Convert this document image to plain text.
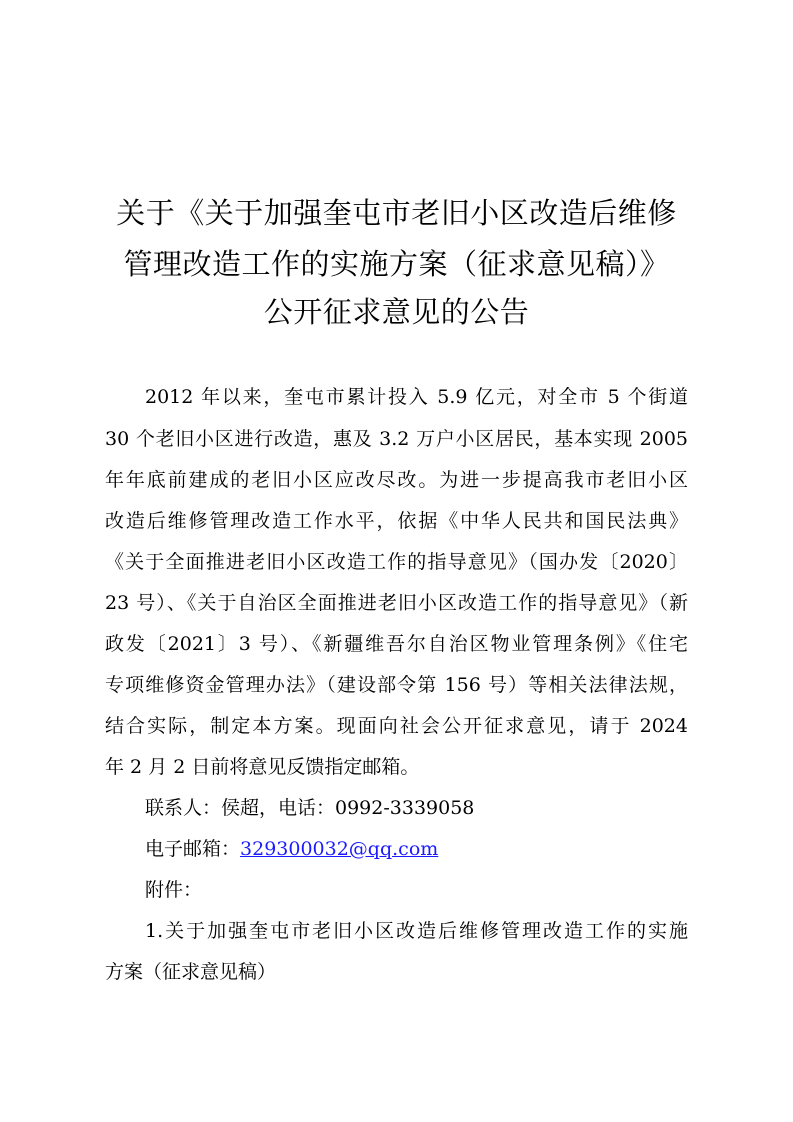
关于《关于加强奎屯市老旧小区改造后维修
管理改造工作的实施方案（征求意见稿）》
公开征求意见的公告
2012 年以来，奎屯市累计投入 5.9 亿元，对全市 5 个街道
30 个老旧小区进行改造，惠及 3.2 万户小区居民，基本实现 2005
年年底前建成的老旧小区应改尽改。为进一步提高我市老旧小区
改造后维修管理改造工作水平，依据《中华人民共和国民法典》
《关于全面推进老旧小区改造工作的指导意见》（国办发〔2020〕
23 号）、《关于自治区全面推进老旧小区改造工作的指导意见》（新
政发〔2021〕3 号）、《新疆维吾尔自治区物业管理条例》《住宅
专项维修资金管理办法》（建设部令第 156 号）等相关法律法规，
结合实际，制定本方案。现面向社会公开征求意见，请于 2024
年 2 月 2 日前将意见反馈指定邮箱。
联系人：侯超，电话：0992-3339058
电子邮箱：329300032@qq.com
附件：
1.关于加强奎屯市老旧小区改造后维修管理改造工作的实施
方案（征求意见稿）
